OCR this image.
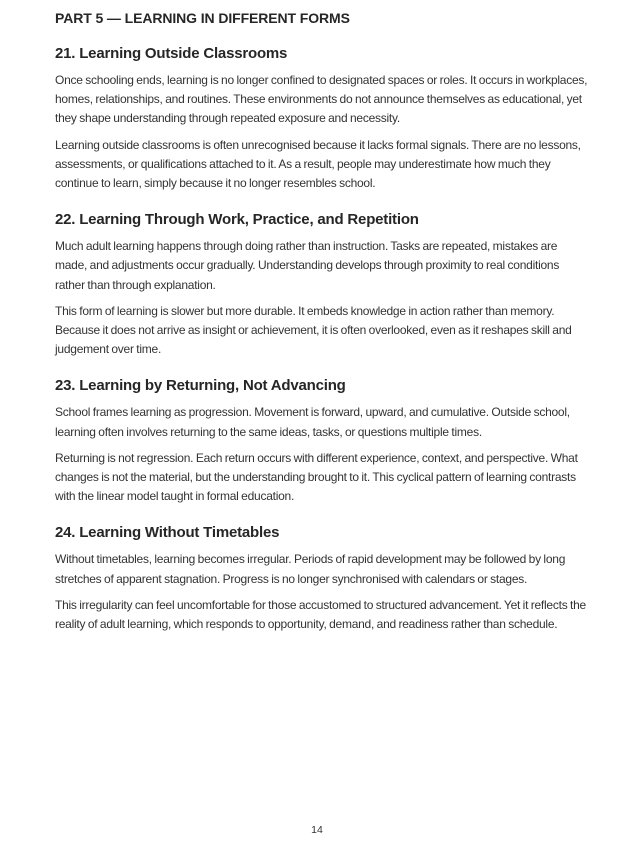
PART 5 — LEARNING IN DIFFERENT FORMS
21. Learning Outside Classrooms

Once schooling ends, learning is no longer confined to designated spaces or roles. It occurs in workplaces, homes, relationships, and routines. These environments do not announce themselves as educational, yet they shape understanding through repeated exposure and necessity.

Learning outside classrooms is often unrecognised because it lacks formal signals. There are no lessons, assessments, or qualifications attached to it. As a result, people may underestimate how much they continue to learn, simply because it no longer resembles school.

22. Learning Through Work, Practice, and Repetition

Much adult learning happens through doing rather than instruction. Tasks are repeated, mistakes are made, and adjustments occur gradually. Understanding develops through proximity to real conditions rather than through explanation.

This form of learning is slower but more durable. It embeds knowledge in action rather than memory. Because it does not arrive as insight or achievement, it is often overlooked, even as it reshapes skill and judgement over time.

23. Learning by Returning, Not Advancing

School frames learning as progression. Movement is forward, upward, and cumulative. Outside school, learning often involves returning to the same ideas, tasks, or questions multiple times.

Returning is not regression. Each return occurs with different experience, context, and perspective. What changes is not the material, but the understanding brought to it. This cyclical pattern of learning contrasts with the linear model taught in formal education.

24. Learning Without Timetables

Without timetables, learning becomes irregular. Periods of rapid development may be followed by long stretches of apparent stagnation. Progress is no longer synchronised with calendars or stages.

This irregularity can feel uncomfortable for those accustomed to structured advancement. Yet it reflects the reality of adult learning, which responds to opportunity, demand, and readiness rather than schedule.

14
